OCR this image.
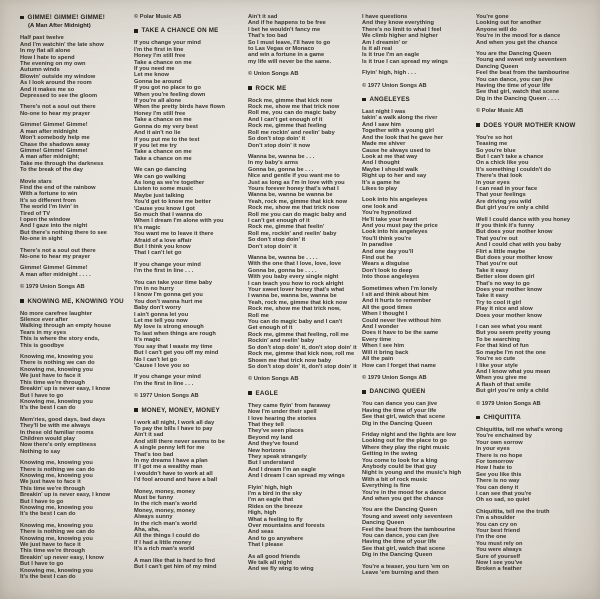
GIMME! GIMME! GIMME!
(A Man After Midnight)
Half past twelve
And I'm watchin' the late show
In my flat all alone
How I hate to spend
The evening on my own
Autumn winds
Blowin' outside my window
As I look around the room
And it makes me so
Depressed to see the gloom
There's not a soul out there
No-one to hear my prayer
Gimme! Gimme! Gimme!
A man after midnight
Won't somebody help me
Chase the shadows away
Gimme! Gimme! Gimme!
A man after midnight;
Take me through the darkness
To the break of the day
Movie stars
Find the end of the rainbow
With a fortune to win
It's so different from
The world I'm livin' in
Tired of TV
I open the window
And I gaze into the night
But there's nothing there to see
No-one in sight
There's not a soul out there
No-one to hear my prayer
Gimme! Gimme! Gimme!
A man after midnight . . . .
© 1979 Union Songs AB
KNOWING ME, KNOWING YOU
No more carefree laughter
Silence ever after
Walking through an empty house
Tears in my eyes
This is where the story ends,
This is goodbye
Knowing me, knowing you
There is nothing we can do
Knowing me, knowing you
We just have to face it
This time we're through
Breakin' up is never easy, I know
But I have to go
Knowing me, knowing you
It's the best I can do
Mem'ries, good days, bad days
They'll be with me always
In these old familiar rooms
Children would play
Now there's only emptiness
Nothing to say
Knowing me, knowing you
There is nothing we can do
Knowing me, knowing you
We just have to face it
This time we're through
Breakin' up is never easy, I know
But I have to go
Knowing me, knowing you
It's the best I can do
Knowing me, knowing you
There is nothing we can do
Knowing me, knowing you
We just have to face it
This time we're through
Breakin' up never easy, I know
But I have to go
Knowing me, knowing you
It's the best I can do
© Polar Music AB
TAKE A CHANCE ON ME
If you change your mind
I'm the first in line
Honey I'm still free
Take a chance on me
If you need me
Let me know
Gonna be around
If you got no place to go
When you're feeling down
If you're all alone
When the pretty birds have flown
Honey I'm still free
Take a chance on me
Gonna do my very best
And it ain't no lie
If you put me to the test
If you let me try
Take a chance on me
Take a chance on me
We can go dancing
We can go walking
As long as we're together
Listen to some music
Maybe just talking
You'd get to know me better
'Cause you know I got
So much that I wanna do
When I dream I'm alone with you
It's magic
You want me to leave it there
Afraid of a love affair
But I think you know
That I can't let go
If you change your mind
I'm the first in line . . .
You can take your time baby
I'm in no hurry
I know I'm gonna get you
You don't wanna hurt me
Baby don't worry
I ain't gonna let you
Let me tell you now
My love is strong enough
To last when things are rough
It's magic
You say that I waste my time
But I can't get you off my mind
No I can't let go
'Cause I love you so
If you change your mind
I'm the first in line . . .
© 1977 Union Songs AB
MONEY, MONEY, MONEY
I work all night, I work all day
To pay the bills I have to pay
Ain't it sad
And still there never seems to be
A single penny left for me
That's too bad
In my dreams I have a plan
If I got me a wealthy man
I wouldn't have to work at all
I'd fool around and have a ball
Money, money, money
Must be funny
In the rich man's world
Money, money, money
Always sunny
In the rich man's world
Aha, aha,
All the things I could do
If I had a little money
It's a rich man's world
A man like that is hard to find
But I can't get him of my mind
Ain't it sad
And if he happens to be free
I bet he wouldn't fancy me
That's too bad
So I must leave, I'll have to go
to Las Vegas or Monaco
and win a fortune in a game
my life will never be the same.
© Union Songs AB
ROCK ME
Rock me, gimme that kick now
Rock me, show me that trick now
Roll me, you can do magic baby
And I can't get enough of it
Rock me, gimme that feeling
Roll me rockin' and reelin' baby
So don't stop doin' it
Don't stop doin' it now
Wanna be, wanna be . . .
In my baby's arms
Gonna be, gonna be . . .
Nice and gentle if you want me to
Just as long as I'm in love with you
Yours forever honey that's what I
Wanna be, wanna be wanna be
Yeah, rock me, gimme that kick now
Rock me, show me that trick now
Roll me you can do magic baby and
I can't get enough of it
Rock me, gimme that feelin'
Roll me, rockin' and reelin' baby
So don't stop doin' it
Don't stop doin' it
Wanna be, wanna be . . . .
With the one that I love, love, love
Gonna be, gonna be . . . .
With you baby every single night
I can teach you how to rock alright
Your sweet lover honey that's what
I wanna be, wanna be, wanna be
Yeah, rock me, gimme that kick now
Rock me, show me that trick now,
Roll me
You can do magic baby and I can't
Get enough of it
Rock me, gimme that feeling, roll me
Rockin' and reelin' baby
So don't stop doin' it, don't stop doin' it
Rock me, gimme that kick now, roll me
Shown me that trick now baby
So don't stop doin' it, don't stop doin' it
© Union Songs AB
EAGLE
They came flyin' from faraway
Now I'm under their spell
I love hearing the stories
That they tell
They've seen places
Beyond my land
And they've found
New horizons
They speak strangely
But I understand
And I dream I'm an eagle
And I dream I can spread my wings
Flyin' high, high
I'm a bird in the sky
I'm an eagle that
Rides on the breeze
High, high
What a feeling to fly
Over mountains and forests
And seas
And to go anywhere
That I please
As all good friends
We talk all night
And we fly wing to wing
I have questions
And they know everything
There's no limit to what I feel
We climb higher and higher
Am I dreamin' or
Is it all real
Is it true I'm an eagle
Is it true I can spread my wings
Flyin' high, high . . .
© 1977 Union Songs AB
ANGELEYES
Last night I was
takin' a walk along the river
And I saw him
Together with a young girl
And the look that he gave her
Made me shiver
Cause he always used to
Look at me that way
And I thought
Maybe I should walk
Right up to her and say
It's a game he
Likes to play
Look into his angeleyes
one look and
You're hypnotized
He'll take your heart
And you must pay the price
Look into his angeleyes
You'll think you're
In paradise
And one day you'll
Find out he
Wears a disguise
Don't look to deep
Into those angeleyes
Sometimes when I'm lonely
I sit and think about him
And it hurts to remember
All the good times
When I thought I
Could never live without him
And I wonder
Does it have to be the same
Every time
When I see him
Will it bring back
All the pain
How can I forget that name
© 1979 Union Songs AB
DANCING QUEEN
You can dance you can jive
Having the time of your life
See that girl, watch that scene
Dig in the Dancing Queen
Friday night and the lights are low
Looking out for the place to go
Where they play the right music
Getting in the swing
You come to look for a king
Anybody could be that guy
Night is young and the music's high
With a bit of rock music
Everything is fine
You're in the mood for a dance
And when you get the chance
You are the Dancing Queen
Young and sweet only seventeen
Dancing Queen
Feel the beat from the tambourine
You can dance, you can jive
Having the time of your life
See that girl, watch that scene
Dig in the Dancing Queen
You're a teaser, you turn 'em on
Leave 'em burning and then
You're gone
Looking out for another
Anyone will do
You're in the mood for a dance
And when you get the chance
You are the Dancing Queen
Young and sweet only seventeen
Dancing Queen
Feel the beat from the tambourine
You can dance, you can jive
Having the time of your life
See that girl, watch that scene
Dig in the Dancing Queen . . . .
© Polar Music AB
DOES YOUR MOTHER KNOW
You're so hot
Teasing me
So you're blue
But I can't take a chance
On a chick like you
It's something I couldn't do
There's that look
In your eyes
I can read in your face
That your feelings
Are driving you wild
But girl you're only a child
Well I could dance with you honey
If you think it's funny
But does your mother know
That you're out
And I could chat with you baby
Flirt a little maybe
But does your mother know
That you're out
Take it easy
Better slow down girl
That's no way to go
Does your mother know
Take it easy
Try to cool it girl
Play it nice and slow
Does your mother know
I can see what you want
But you seem pretty young
To be searching
For that kind of fun
So maybe I'm not the one
You're so cute
I like your style
And I know what you mean
When you give me
A flash of that smile
But girl you're only a child
© 1979 Union Songs AB
CHIQUITITA
Chiquitita, tell me what's wrong
You're enchained by
Your own sorrow
In your eyes
There is no hope
For tomorrow
How I hate to
See you like this
There is no way
You can deny it
I can see that you're
Oh so sad, so quiet
Chiquitita, tell me the truth
I'm a shoulder
You can cry on
Your best friend
I'm the one
You must rely on
You were always
Sure of yourself
Now I see you've
Broken a feather
